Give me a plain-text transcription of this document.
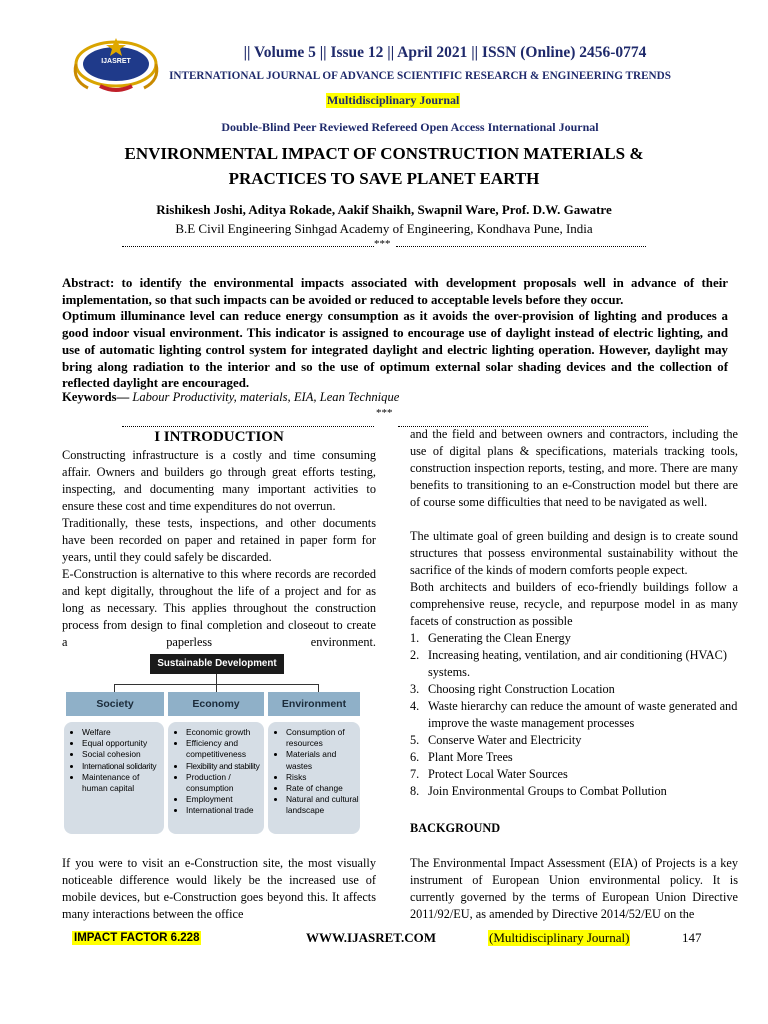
IJASRET
|| Volume 5 || Issue 12 || April 2021 || ISSN (Online) 2456-0774
INTERNATIONAL JOURNAL OF ADVANCE SCIENTIFIC RESEARCH & ENGINEERING TRENDS
Multidisciplinary Journal
Double-Blind Peer Reviewed Refereed Open Access International Journal
ENVIRONMENTAL IMPACT OF CONSTRUCTION MATERIALS &
PRACTICES TO SAVE PLANET EARTH
Rishikesh Joshi, Aditya Rokade, Aakif Shaikh, Swapnil Ware, Prof. D.W. Gawatre
B.E Civil Engineering Sinhgad Academy of Engineering, Kondhava Pune, India
***
Abstract: to identify the environmental impacts associated with development proposals well in advance of their implementation, so that such impacts can be avoided or reduced to acceptable levels before they occur.
Optimum illuminance level can reduce energy consumption as it avoids the over-provision of lighting and produces a good indoor visual environment. This indicator is assigned to encourage use of daylight instead of electric lighting, and use of automatic lighting control system for integrated daylight and electric lighting operation. However, daylight may bring along radiation to the interior and so the use of optimum external solar shading devices and the collection of reflected daylight are encouraged.
Keywords— Labour Productivity, materials, EIA, Lean Technique
***
I INTRODUCTION

Constructing infrastructure is a costly and time consuming affair. Owners and builders go through great efforts testing, inspecting, and documenting many important activities to ensure these cost and time expenditures do not overrun.

Traditionally, these tests, inspections, and other documents have been recorded on paper and retained in paper form for years, until they could safely be discarded.

E-Construction is alternative to this where records are recorded and kept digitally, throughout the life of a project and for as long as necessary. This applies throughout the construction process from design to final completion and closeout to create a paperless environment.

Sustainable Development
Society	Economy	Environment
• Welfare
• Equal opportunity
• Social cohesion
• International solidarity
• Maintenance of human capital
• Economic growth
• Efficiency and competitiveness
• Flexibility and stability
• Production / consumption
• Employment
• International trade
• Consumption of resources
• Materials and wastes
• Risks
• Rate of change
• Natural and cultural landscape

If you were to visit an e-Construction site, the most visually noticeable difference would likely be the increased use of mobile devices, but e-Construction goes beyond this. It affects many interactions between the office

and the field and between owners and contractors, including the use of digital plans & specifications, materials tracking tools, construction inspection reports, testing, and more. There are many benefits to transitioning to an e-Construction model but there are of course some difficulties that need to be navigated as well.

The ultimate goal of green building and design is to create sound structures that possess environmental sustainability without the sacrifice of the kinds of modern comforts people expect.

Both architects and builders of eco-friendly buildings follow a comprehensive reuse, recycle, and repurpose model in as many facets of construction as possible

1. Generating the Clean Energy
2. Increasing heating, ventilation, and air conditioning (HVAC) systems.
3. Choosing right Construction Location
4. Waste hierarchy can reduce the amount of waste generated and improve the waste management processes
5. Conserve Water and Electricity
6. Plant More Trees
7. Protect Local Water Sources
8. Join Environmental Groups to Combat Pollution
BACKGROUND

The Environmental Impact Assessment (EIA) of Projects is a key instrument of European Union environmental policy. It is currently governed by the terms of European Union Directive 2011/92/EU, as amended by Directive 2014/52/EU on the

IMPACT FACTOR 6.228	WWW.IJASRET.COM	(Multidisciplinary Journal)	147
